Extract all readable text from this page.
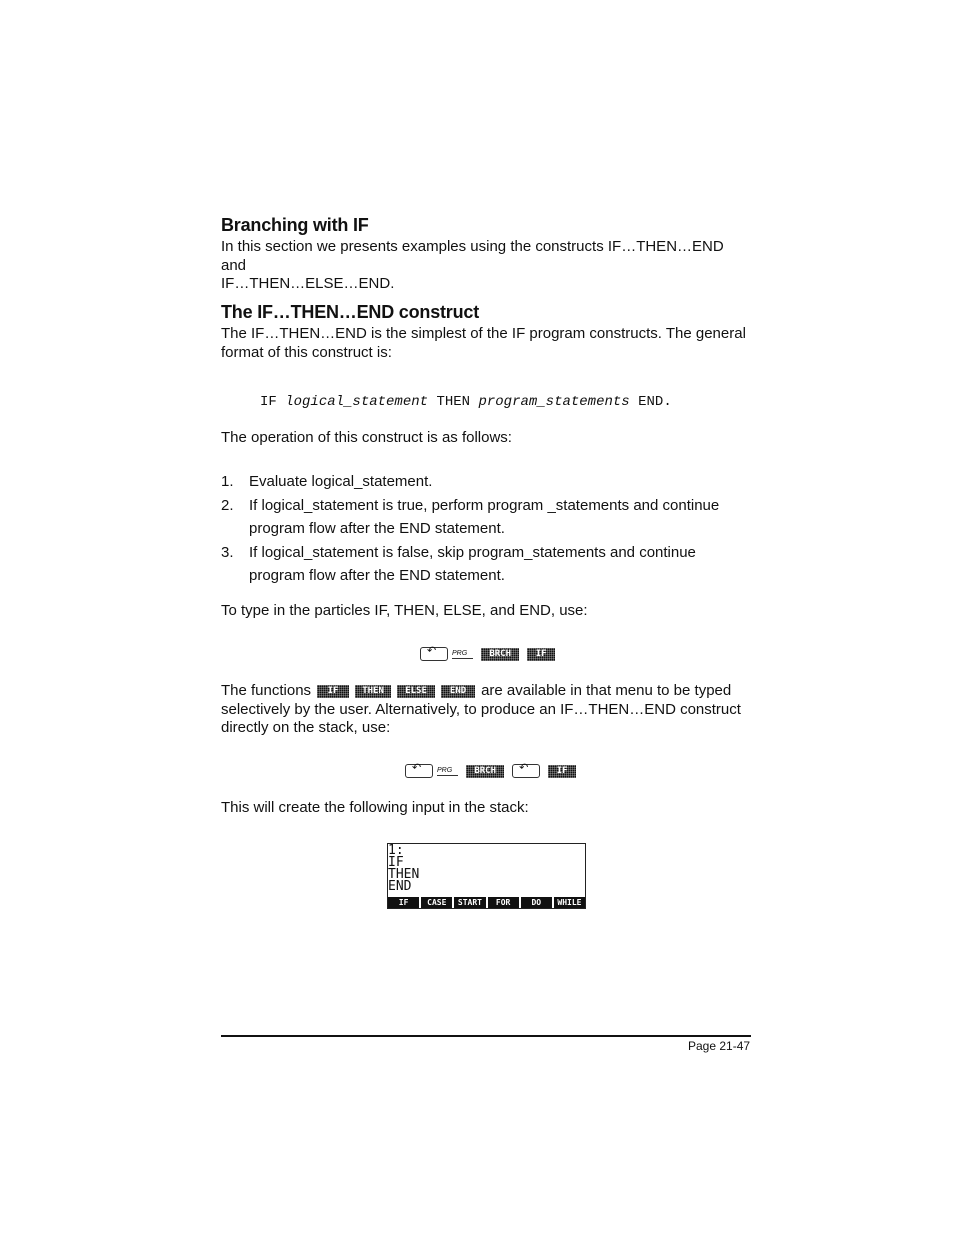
Branching with IF
In this section we presents examples using the constructs IF…THEN…END and
IF…THEN…ELSE…END.
The IF…THEN…END construct
The IF…THEN…END is the simplest of the IF program constructs. The general
format of this construct is:
IF logical_statement THEN program_statements END.
The operation of this construct is as follows:
1. Evaluate logical_statement.
2. If logical_statement is true, perform program _statements and continue
program flow after the END statement.
3. If logical_statement is false, skip program_statements and continue
program flow after the END statement.
To type in the particles IF, THEN, ELSE, and END, use:
↶ PRG	BRCH	IF
The functions	IF	THEN	ELSE	END are available in that menu to be typed
selectively by the user. Alternatively, to produce an IF…THEN…END construct
directly on the stack, use:
↶ PRG	BRCH	↶	IF
This will create the following input in the stack:
1:
IF
THEN
END
IF	CASE	START	FOR	DO	WHILE
Page 21-47
